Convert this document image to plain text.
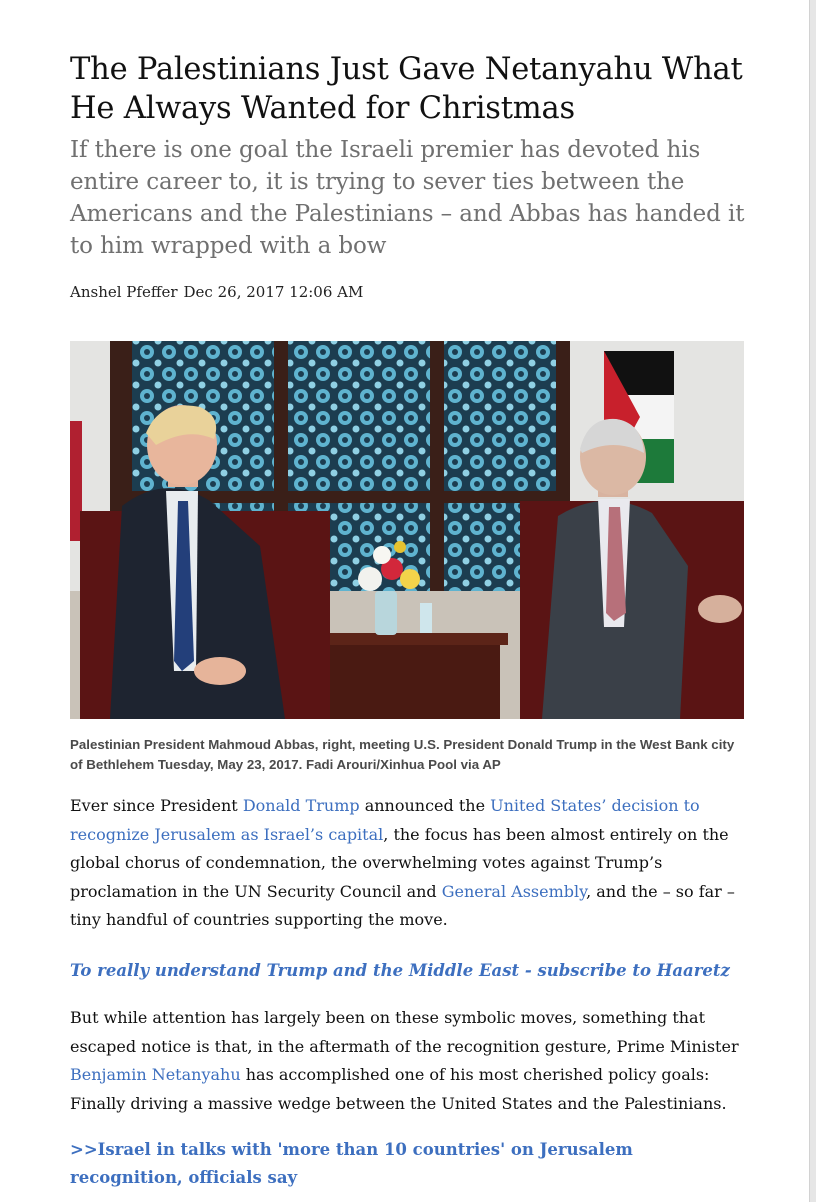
The Palestinians Just Gave Netanyahu What He Always Wanted for Christmas
If there is one goal the Israeli premier has devoted his entire career to, it is trying to sever ties between the Americans and the Palestinians – and Abbas has handed it to him wrapped with a bow
Anshel Pfeffer Dec 26, 2017 12:06 AM
Palestinian President Mahmoud Abbas, right, meeting U.S. President Donald Trump in the West Bank city of Bethlehem Tuesday, May 23, 2017. Fadi Arouri/Xinhua Pool via AP

Ever since President Donald Trump announced the United States’ decision to recognize Jerusalem as Israel’s capital, the focus has been almost entirely on the global chorus of condemnation, the overwhelming votes against Trump’s proclamation in the UN Security Council and General Assembly, and the – so far – tiny handful of countries supporting the move.

To really understand Trump and the Middle East - subscribe to Haaretz

But while attention has largely been on these symbolic moves, something that escaped notice is that, in the aftermath of the recognition gesture, Prime Minister Benjamin Netanyahu has accomplished one of his most cherished policy goals: Finally driving a massive wedge between the United States and the Palestinians.

>>Israel in talks with 'more than 10 countries' on Jerusalem recognition, officials say
